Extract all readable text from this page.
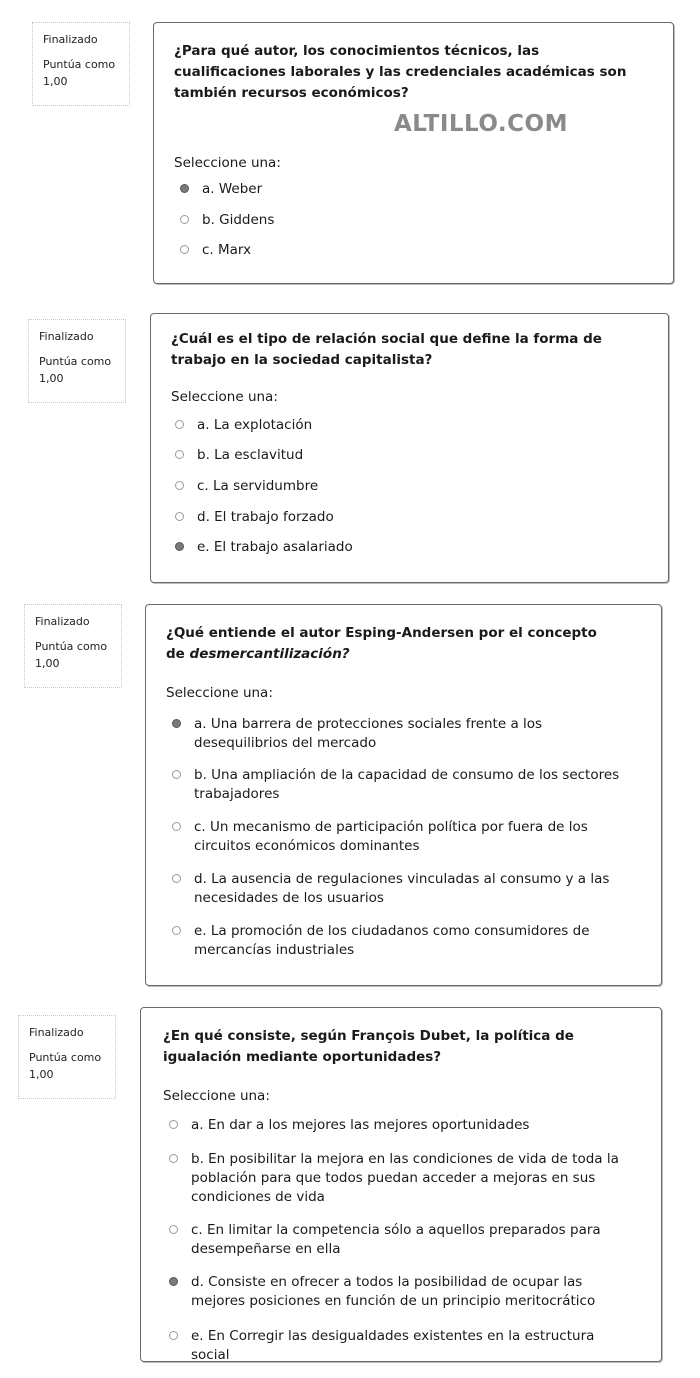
Finalizado
Puntúa como
1,00

¿Para qué autor, los conocimientos técnicos, las cualificaciones laborales y las credenciales académicas son también recursos económicos?

Seleccione una:
a. Weber
b. Giddens
c. Marx
ALTILLO.COM
Finalizado
Puntúa como
1,00

¿Cuál es el tipo de relación social que define la forma de trabajo en la sociedad capitalista?

Seleccione una:
a. La explotación
b. La esclavitud
c. La servidumbre
d. El trabajo forzado
e. El trabajo asalariado
Finalizado
Puntúa como
1,00

¿Qué entiende el autor Esping-Andersen por el concepto de desmercantilización?

Seleccione una:
a. Una barrera de protecciones sociales frente a los desequilibrios del mercado
b. Una ampliación de la capacidad de consumo de los sectores trabajadores
c. Un mecanismo de participación política por fuera de los circuitos económicos dominantes
d. La ausencia de regulaciones vinculadas al consumo y a las necesidades de los usuarios
e. La promoción de los ciudadanos como consumidores de mercancías industriales
Finalizado
Puntúa como
1,00

¿En qué consiste, según François Dubet, la política de igualación mediante oportunidades?

Seleccione una:
a. En dar a los mejores las mejores oportunidades
b. En posibilitar la mejora en las condiciones de vida de toda la población para que todos puedan acceder a mejoras en sus condiciones de vida
c. En limitar la competencia sólo a aquellos preparados para desempeñarse en ella
d. Consiste en ofrecer a todos la posibilidad de ocupar las mejores posiciones en función de un principio meritocrático
e. En Corregir las desigualdades existentes en la estructura social
